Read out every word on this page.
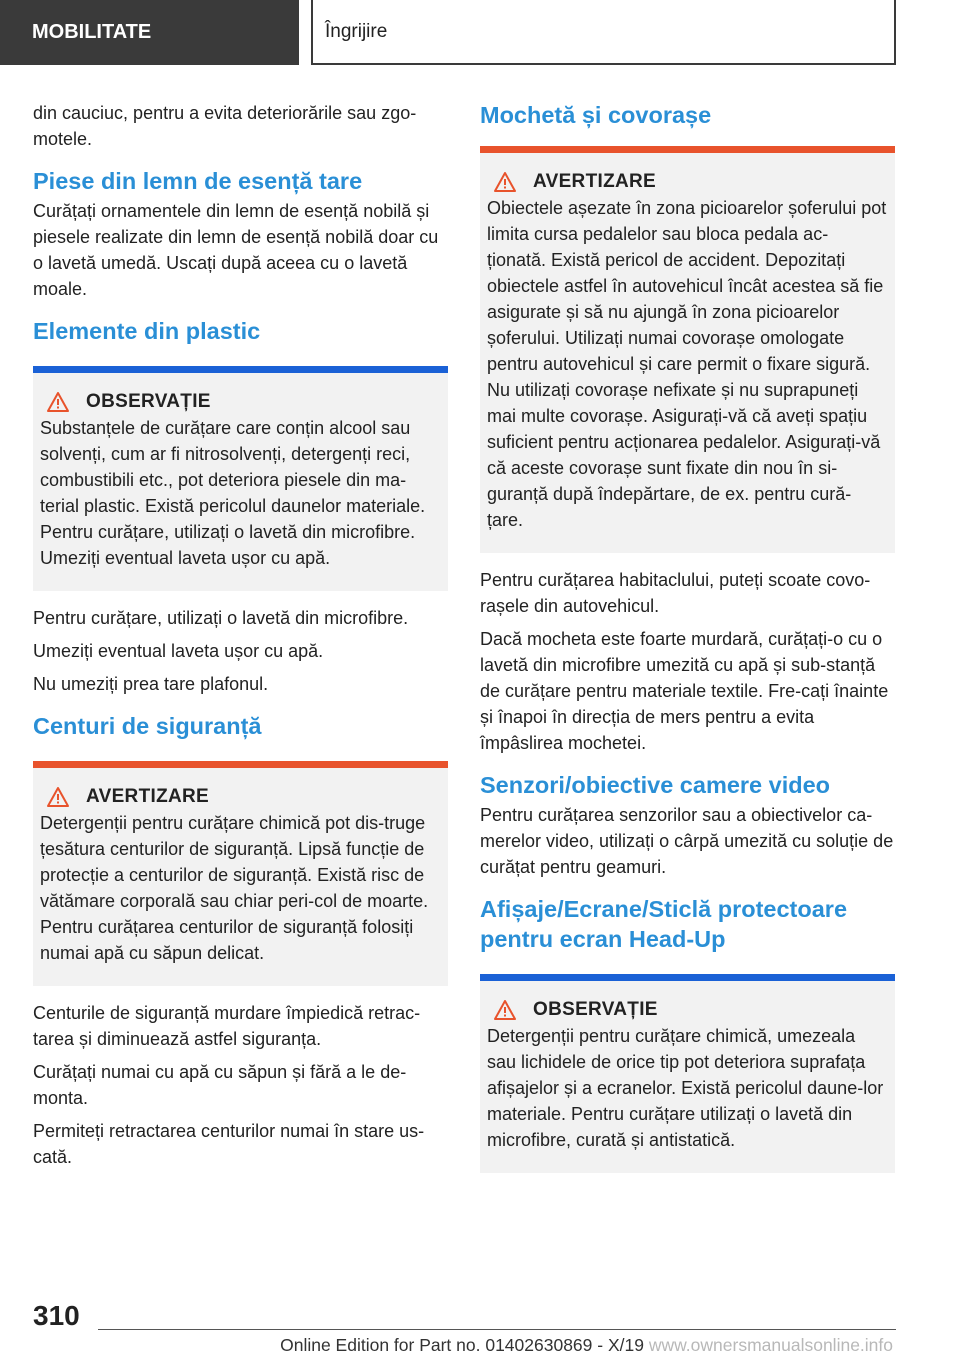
MOBILITATE	Îngrijire

din cauciuc, pentru a evita deteriorările sau zgo-motele.

Piese din lemn de esență tare

Curățați ornamentele din lemn de esență nobilă și piesele realizate din lemn de esență nobilă doar cu o lavetă umedă. Uscați după aceea cu o lavetă moale.

Elemente din plastic
OBSERVAȚIE

Substanțele de curățare care conțin alcool sau solvenți, cum ar fi nitrosolvenți, detergenți reci, combustibili etc., pot deteriora piesele din ma-terial plastic. Există pericolul daunelor materiale. Pentru curățare, utilizați o lavetă din microfibre. Umeziți eventual laveta ușor cu apă.

Pentru curățare, utilizați o lavetă din microfibre.

Umeziți eventual laveta ușor cu apă.

Nu umeziți prea tare plafonul.

Centuri de siguranță
AVERTIZARE

Detergenții pentru curățare chimică pot dis-truge țesătura centurilor de siguranță. Lipsă funcție de protecție a centurilor de siguranță. Există risc de vătămare corporală sau chiar peri-col de moarte. Pentru curățarea centurilor de siguranță folosiți numai apă cu săpun delicat.

Centurile de siguranță murdare împiedică retrac-tarea și diminuează astfel siguranța.

Curățați numai cu apă cu săpun și fără a le de-monta.

Permiteți retractarea centurilor numai în stare us-cată.

Mochetă și covorașe
AVERTIZARE

Obiectele așezate în zona picioarelor șoferului pot limita cursa pedalelor sau bloca pedala ac-ționată. Există pericol de accident. Depozitați obiectele astfel în autovehicul încât acestea să fie asigurate și să nu ajungă în zona picioarelor șoferului. Utilizați numai covorașe omologate pentru autovehicul și care permit o fixare sigură. Nu utilizați covorașe nefixate și nu suprapuneți mai multe covorașe. Asigurați-vă că aveți spațiu suficient pentru acționarea pedalelor. Asigurați-vă că aceste covorașe sunt fixate din nou în si-guranță după îndepărtare, de ex. pentru cură-țare.

Pentru curățarea habitaclului, puteți scoate covo-rașele din autovehicul.

Dacă mocheta este foarte murdară, curățați-o cu o lavetă din microfibre umezită cu apă și sub-stanță de curățare pentru materiale textile. Fre-cați înainte și înapoi în direcția de mers pentru a evita împâslirea mochetei.

Senzori/obiective camere video

Pentru curățarea senzorilor sau a obiectivelor ca-merelor video, utilizați o cârpă umezită cu soluție de curățat pentru geamuri.

Afișaje/Ecrane/Sticlă protectoare pentru ecran Head-Up
OBSERVAȚIE

Detergenții pentru curățare chimică, umezeala sau lichidele de orice tip pot deteriora suprafața afișajelor și a ecranelor. Există pericolul daune-lor materiale. Pentru curățare utilizați o lavetă din microfibre, curată și antistatică.

310
Online Edition for Part no. 01402630869 - X/19 www.ownersmanualsonline.info
